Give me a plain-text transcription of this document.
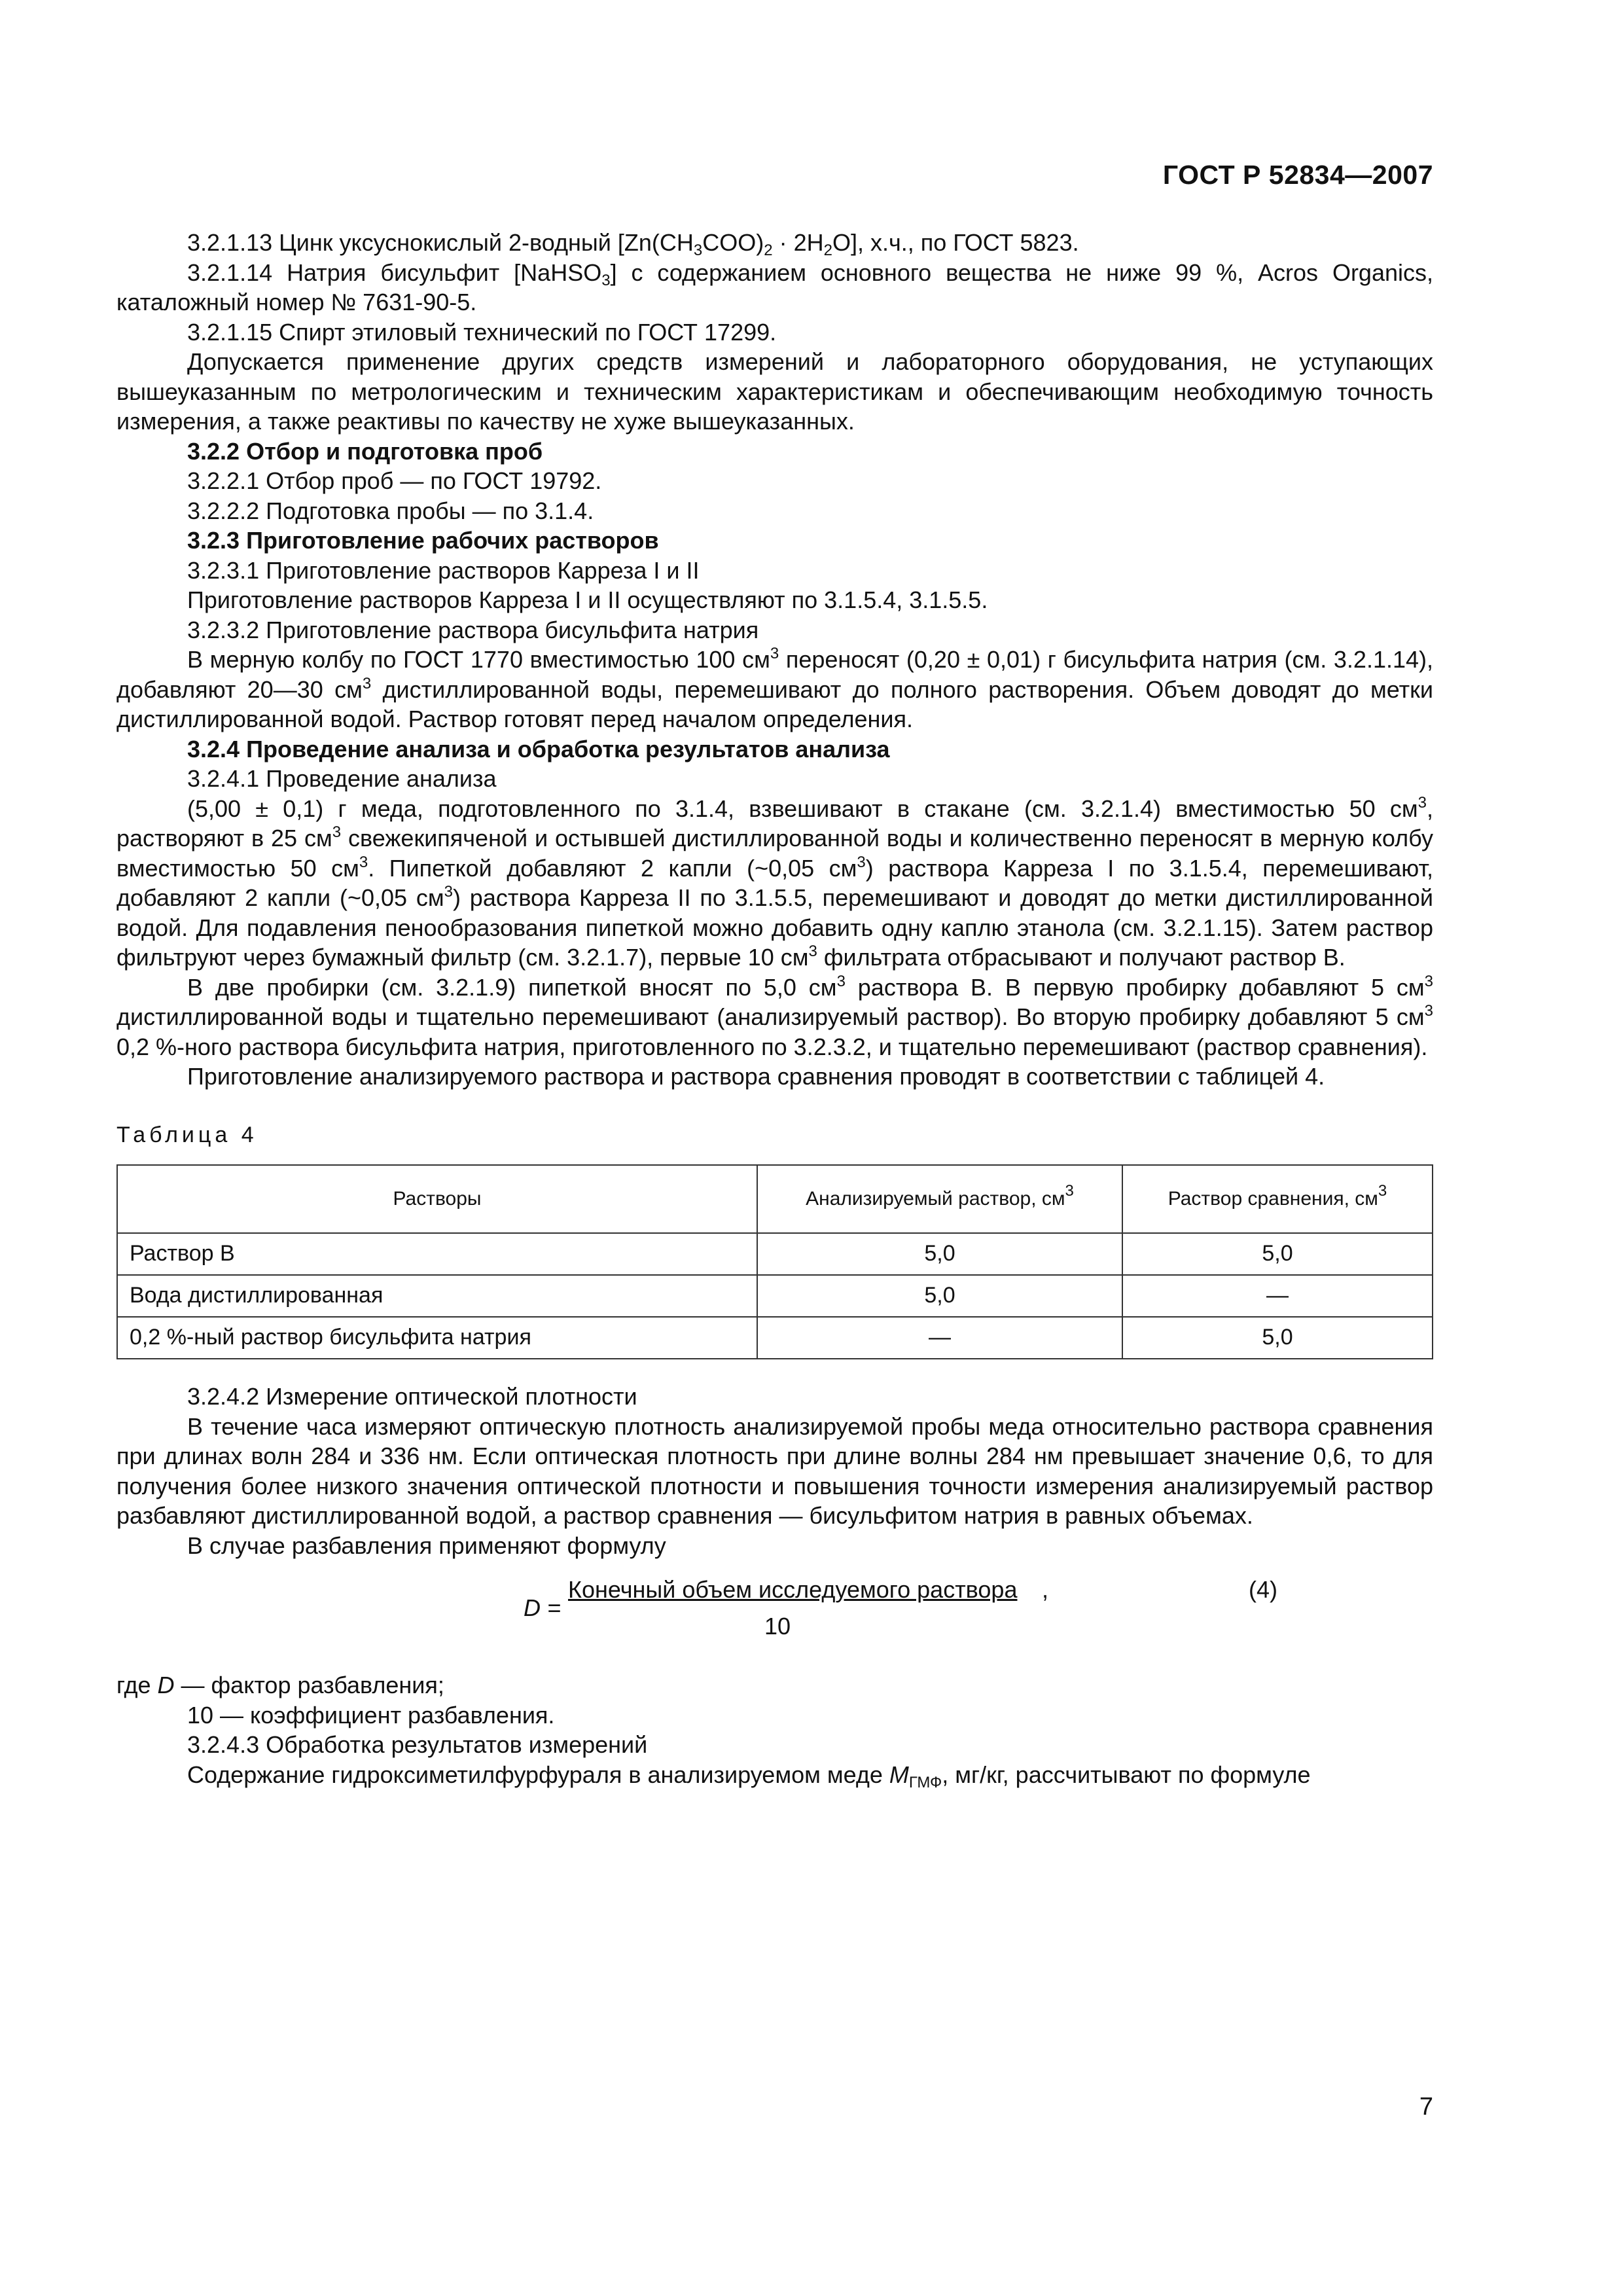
ГОСТ Р 52834—2007

3.2.1.13 Цинк уксуснокислый 2-водный $[Zn(CH_3COO)_2 \cdot 2H_2O]$, х.ч., по ГОСТ 5823.

3.2.1.14 Натрия бисульфит [NaHSO$_3$] с содержанием основного вещества не ниже 99 %, Acros Organics, каталожный номер № 7631-90-5.

3.2.1.15 Спирт этиловый технический по ГОСТ 17299.

Допускается применение других средств измерений и лабораторного оборудования, не уступающих вышеуказанным по метрологическим и техническим характеристикам и обеспечивающим необходимую точность измерения, а также реактивы по качеству не хуже вышеуказанных.

3.2.2 Отбор и подготовка проб

3.2.2.1 Отбор проб — по ГОСТ 19792.

3.2.2.2 Подготовка пробы — по 3.1.4.

3.2.3 Приготовление рабочих растворов

3.2.3.1 Приготовление растворов Карреза I и II

Приготовление растворов Карреза I и II осуществляют по 3.1.5.4, 3.1.5.5.

3.2.3.2 Приготовление раствора бисульфита натрия

В мерную колбу по ГОСТ 1770 вместимостью 100 $см^3$ переносят (0,20 ± 0,01) г бисульфита натрия (см. 3.2.1.14), добавляют 20—30 $см^3$ дистиллированной воды, перемешивают до полного растворения. Объем доводят до метки дистиллированной водой. Раствор готовят перед началом определения.

3.2.4 Проведение анализа и обработка результатов анализа

3.2.4.1 Проведение анализа

(5,00 ± 0,1) г меда, подготовленного по 3.1.4, взвешивают в стакане (см. 3.2.1.4) вместимостью 50 $см^3$, растворяют в 25 $см^3$ свежекипяченой и остывшей дистиллированной воды и количественно переносят в мерную колбу вместимостью 50 $см^3$. Пипеткой добавляют 2 капли (~0,05 $см^3$) раствора Карреза I по 3.1.5.4, перемешивают, добавляют 2 капли (~0,05 $см^3$) раствора Карреза II по 3.1.5.5, перемешивают и доводят до метки дистиллированной водой. Для подавления пенообразования пипеткой можно добавить одну каплю этанола (см. 3.2.1.15). Затем раствор фильтруют через бумажный фильтр (см. 3.2.1.7), первые 10 $см^3$ фильтрата отбрасывают и получают раствор В.

В две пробирки (см. 3.2.1.9) пипеткой вносят по 5,0 $см^3$ раствора В. В первую пробирку добавляют 5 $см^3$ дистиллированной воды и тщательно перемешивают (анализируемый раствор). Во вторую пробирку добавляют 5 $см^3$ 0,2 %-ного раствора бисульфита натрия, приготовленного по 3.2.3.2, и тщательно перемешивают (раствор сравнения).

Приготовление анализируемого раствора и раствора сравнения проводят в соответствии с таблицей 4.

Таблица 4

Растворы	Анализируемый раствор, $см^3$	Раствор сравнения, $см^3$
Раствор В	5,0	5,0
Вода дистиллированная	5,0	—
0,2 %-ный раствор бисульфита натрия	—	5,0

3.2.4.2 Измерение оптической плотности

В течение часа измеряют оптическую плотность анализируемой пробы меда относительно раствора сравнения при длинах волн 284 и 336 нм. Если оптическая плотность при длине волны 284 нм превышает значение 0,6, то для получения более низкого значения оптической плотности и повышения точности измерения анализируемый раствор разбавляют дистиллированной водой, а раствор сравнения — бисульфитом натрия в равных объемах.

В случае разбавления применяют формулу

D =
Конечный объем исследуемого раствора
10
,	(4)

где D — фактор разбавления;

10 — коэффициент разбавления.

3.2.4.3 Обработка результатов измерений

Содержание гидроксиметилфурфураля в анализируемом меде $M_{ГМФ}$, мг/кг, рассчитывают по формуле

7
